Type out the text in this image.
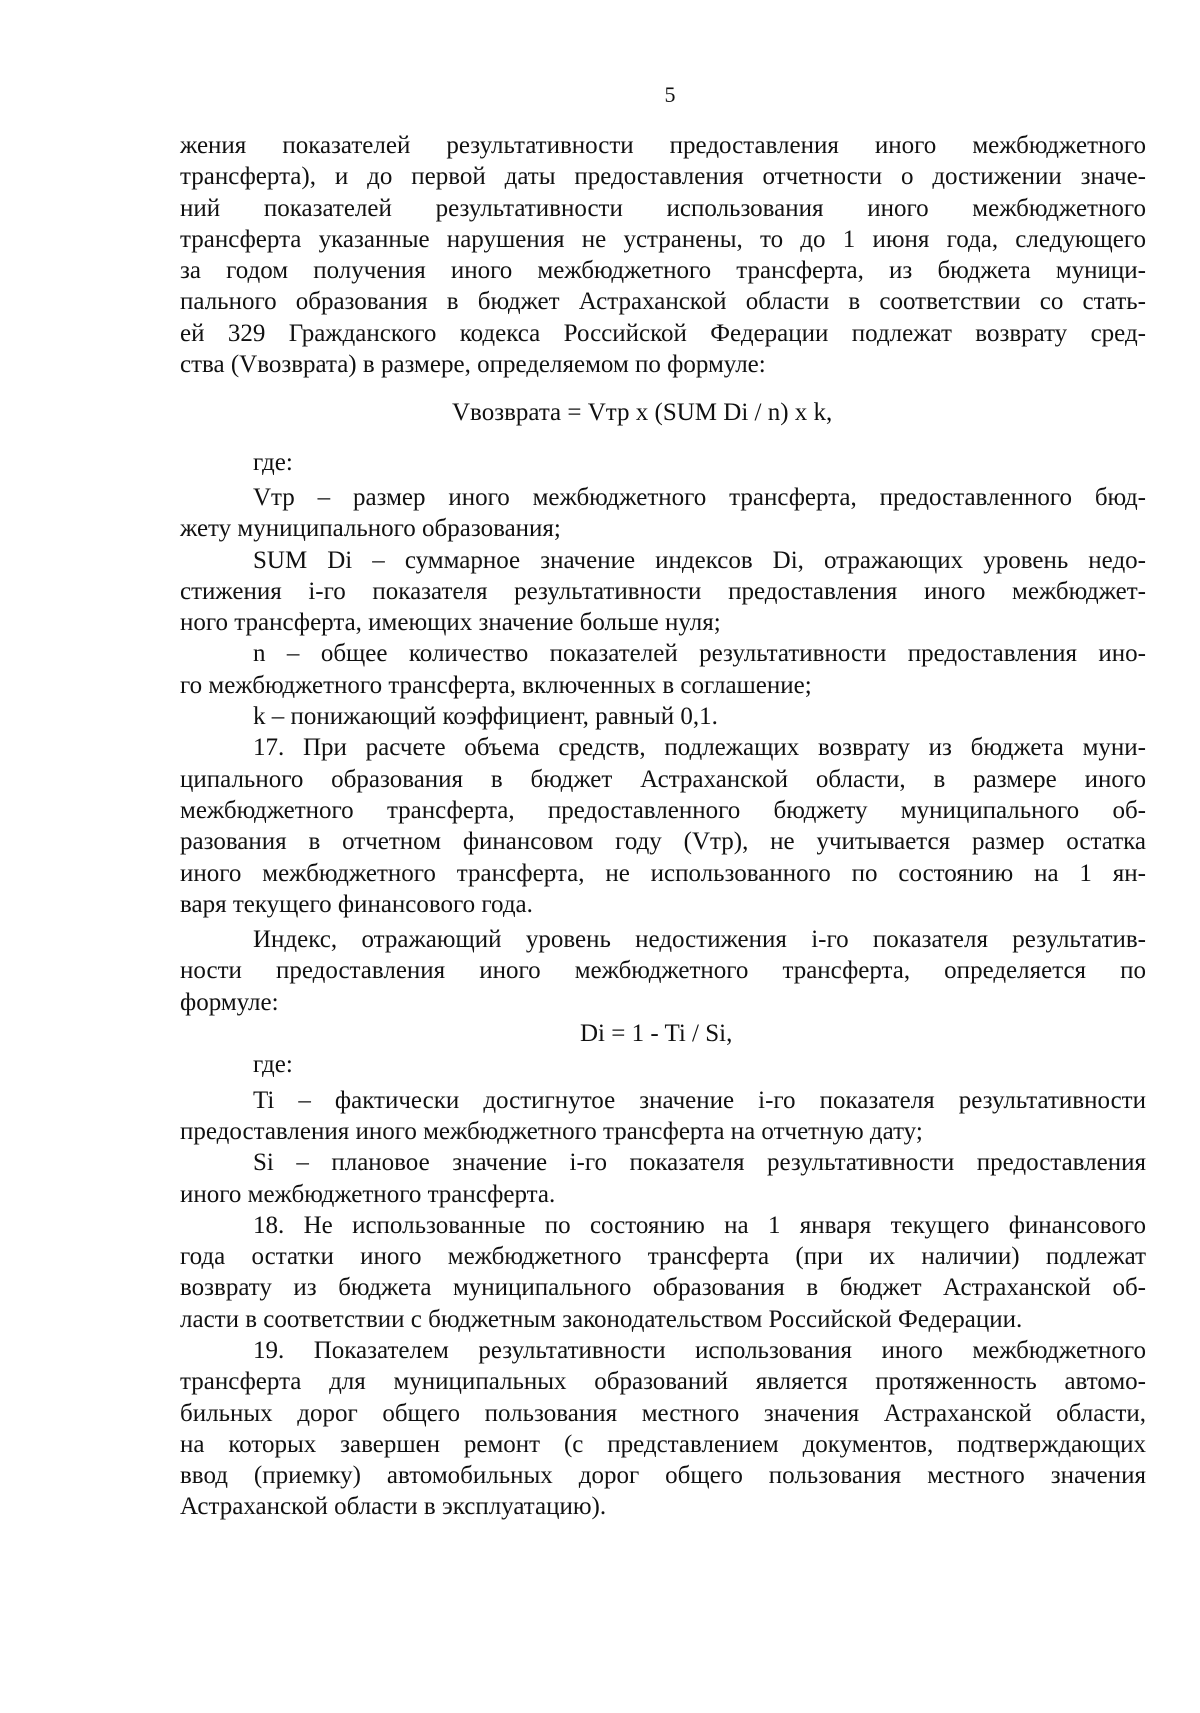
5
жения показателей результативности предоставления иного межбюджетного
трансферта), и до первой даты предоставления отчетности о достижении значе-
ний показателей результативности использования иного межбюджетного
трансферта указанные нарушения не устранены, то до 1 июня года, следующего
за годом получения иного межбюджетного трансферта, из бюджета муници-
пального образования в бюджет Астраханской области в соответствии со стать-
ей 329 Гражданского кодекса Российской Федерации подлежат возврату сред-
ства (Vвозврата) в размере, определяемом по формуле:
Vвозврата = Vтр x (SUM Di / n) x k,
где:
Vтр – размер иного межбюджетного трансферта, предоставленного бюд-
жету муниципального образования;
SUM Di – суммарное значение индексов Di, отражающих уровень недо-
стижения i-го показателя результативности предоставления иного межбюджет-
ного трансферта, имеющих значение больше нуля;
n – общее количество показателей результативности предоставления ино-
го межбюджетного трансферта, включенных в соглашение;
k – понижающий коэффициент, равный 0,1.
17. При расчете объема средств, подлежащих возврату из бюджета муни-
ципального образования в бюджет Астраханской области, в размере иного
межбюджетного трансферта, предоставленного бюджету муниципального об-
разования в отчетном финансовом году (Vтр), не учитывается размер остатка
иного межбюджетного трансферта, не использованного по состоянию на 1 ян-
варя текущего финансового года.
Индекс, отражающий уровень недостижения i-го показателя результатив-
ности предоставления иного межбюджетного трансферта, определяется по
формуле:
Di = 1 - Ti / Si,
где:
Ti – фактически достигнутое значение i-го показателя результативности
предоставления иного межбюджетного трансферта на отчетную дату;
Si – плановое значение i-го показателя результативности предоставления
иного межбюджетного трансферта.
18. Не использованные по состоянию на 1 января текущего финансового
года остатки иного межбюджетного трансферта (при их наличии) подлежат
возврату из бюджета муниципального образования в бюджет Астраханской об-
ласти в соответствии с бюджетным законодательством Российской Федерации.
19. Показателем результативности использования иного межбюджетного
трансферта для муниципальных образований является протяженность автомо-
бильных дорог общего пользования местного значения Астраханской области,
на которых завершен ремонт (с представлением документов, подтверждающих
ввод (приемку) автомобильных дорог общего пользования местного значения
Астраханской области в эксплуатацию).
